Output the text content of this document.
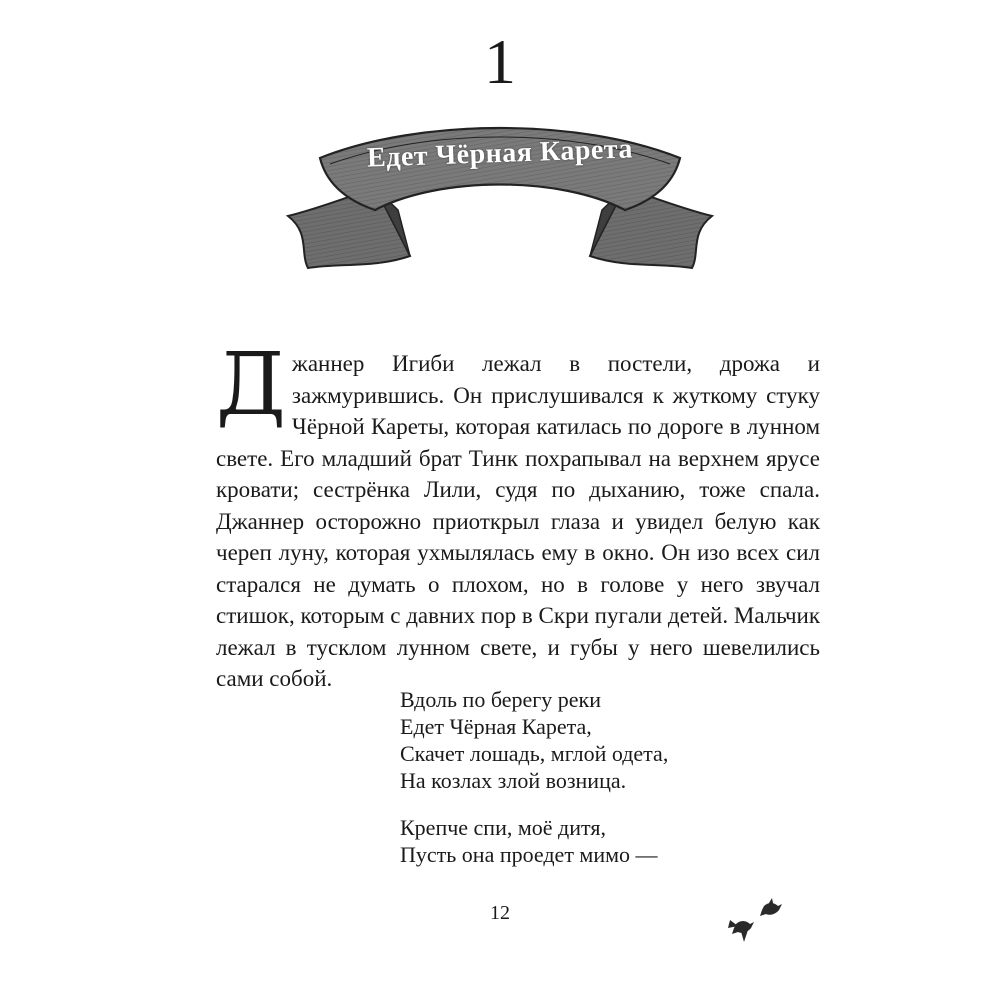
1
Едет Чёрная Карета

Джаннер Игиби лежал в постели, дрожа и зажмурившись. Он прислушивался к жуткому стуку Чёрной Кареты, которая катилась по дороге в лунном свете. Его младший брат Тинк похрапывал на верхнем ярусе кровати; сестрёнка Лили, судя по дыханию, тоже спала. Джаннер осторожно приоткрыл глаза и увидел белую как череп луну, которая ухмылялась ему в окно. Он изо всех сил старался не думать о плохом, но в голове у него звучал стишок, которым с давних пор в Скри пугали детей. Мальчик лежал в тусклом лунном свете, и губы у него шевелились сами собой.

Вдоль по берегу реки
Едет Чёрная Карета,
Скачет лошадь, мглой одета,
На козлах злой возница.
Крепче спи, моё дитя,
Пусть она проедет мимо —
12
